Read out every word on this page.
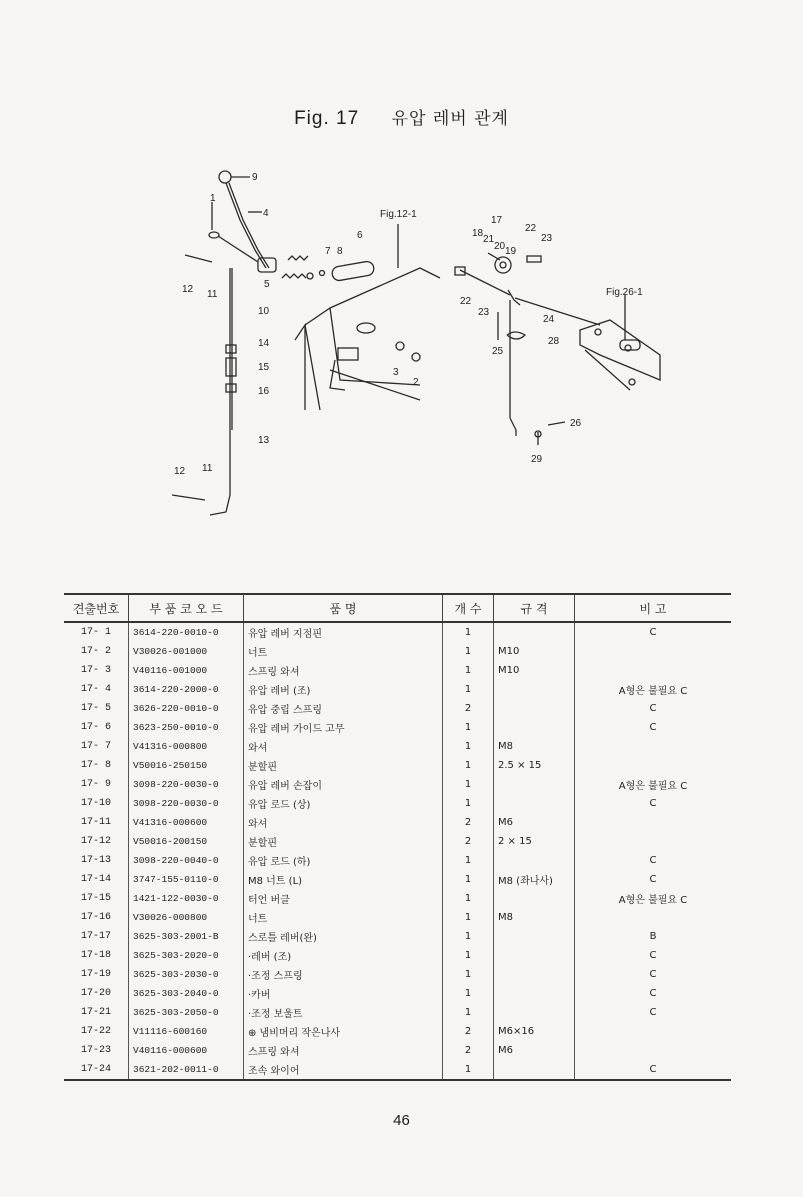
Fig. 17 유압 레버 관계
9
4
1
12 11
5
7 8
6
10
14
15
16
13
3
2
12 11
Fig.12-1
17
18
21
20 19
22
23
22
23
24
28
25
26
29
Fig.26-1
견출번호	부 품 코 오 드	품 명	개 수	규 격	비 고
17- 1	3614-220-0010-0	유압 레버 지점핀	1		C
17- 2	V30026-001000	너트	1	M10	
17- 3	V40116-001000	스프링 와셔	1	M10	
17- 4	3614-220-2000-0	유압 레버 (조)	1		A형은 불필요 C
17- 5	3626-220-0010-0	유압 중립 스프링	2		C
17- 6	3623-250-0010-0	유압 레버 가이드 고무	1		C
17- 7	V41316-000800	와셔	1	M8	
17- 8	V50016-250150	분할핀	1	2.5 × 15	
17- 9	3098-220-0030-0	유압 레버 손잡이	1		A형은 불필요 C
17-10	3098-220-0030-0	유압 로드 (상)	1		C
17-11	V41316-000600	와셔	2	M6	
17-12	V50016-200150	분할핀	2	2 × 15	
17-13	3098-220-0040-0	유압 로드 (하)	1		C
17-14	3747-155-0110-0	M8 너트 (L)	1	M8 (좌나사)	C
17-15	1421-122-0030-0	터언 버클	1		A형은 불필요 C
17-16	V30026-000800	너트	1	M8	
17-17	3625-303-2001-B	스로틀 레버(완)	1		B
17-18	3625-303-2020-0	·레버 (조)	1		C
17-19	3625-303-2030-0	·조정 스프링	1		C
17-20	3625-303-2040-0	·카버	1		C
17-21	3625-303-2050-0	·조정 보울트	1		C
17-22	V11116-600160	⊕ 냄비머리 작은나사	2	M6×16	
17-23	V40116-000600	스프링 와셔	2	M6	
17-24	3621-202-0011-0	조속 와이어	1		C
46
